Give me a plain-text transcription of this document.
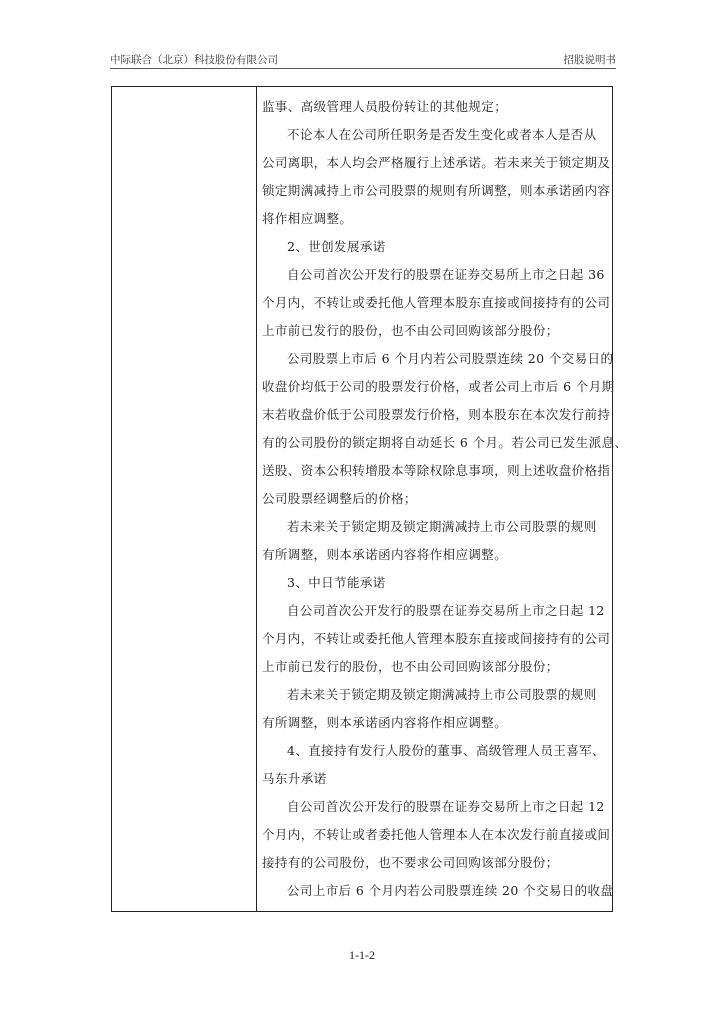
中际联合（北京）科技股份有限公司	招股说明书
监事、高级管理人员股份转让的其他规定；
不论本人在公司所任职务是否发生变化或者本人是否从
公司离职，本人均会严格履行上述承诺。若未来关于锁定期及
锁定期满减持上市公司股票的规则有所调整，则本承诺函内容
将作相应调整。
2、世创发展承诺
自公司首次公开发行的股票在证券交易所上市之日起 36
个月内，不转让或委托他人管理本股东直接或间接持有的公司
上市前已发行的股份，也不由公司回购该部分股份；
公司股票上市后 6 个月内若公司股票连续 20 个交易日的
收盘价均低于公司的股票发行价格，或者公司上市后 6 个月期
末若收盘价低于公司股票发行价格，则本股东在本次发行前持
有的公司股份的锁定期将自动延长 6 个月。若公司已发生派息、
送股、资本公积转增股本等除权除息事项，则上述收盘价格指
公司股票经调整后的价格；
若未来关于锁定期及锁定期满减持上市公司股票的规则
有所调整，则本承诺函内容将作相应调整。
3、中日节能承诺
自公司首次公开发行的股票在证券交易所上市之日起 12
个月内，不转让或委托他人管理本股东直接或间接持有的公司
上市前已发行的股份，也不由公司回购该部分股份；
若未来关于锁定期及锁定期满减持上市公司股票的规则
有所调整，则本承诺函内容将作相应调整。
4、直接持有发行人股份的董事、高级管理人员王喜军、
马东升承诺
自公司首次公开发行的股票在证券交易所上市之日起 12
个月内，不转让或者委托他人管理本人在本次发行前直接或间
接持有的公司股份，也不要求公司回购该部分股份；
公司上市后 6 个月内若公司股票连续 20 个交易日的收盘
1-1-2
